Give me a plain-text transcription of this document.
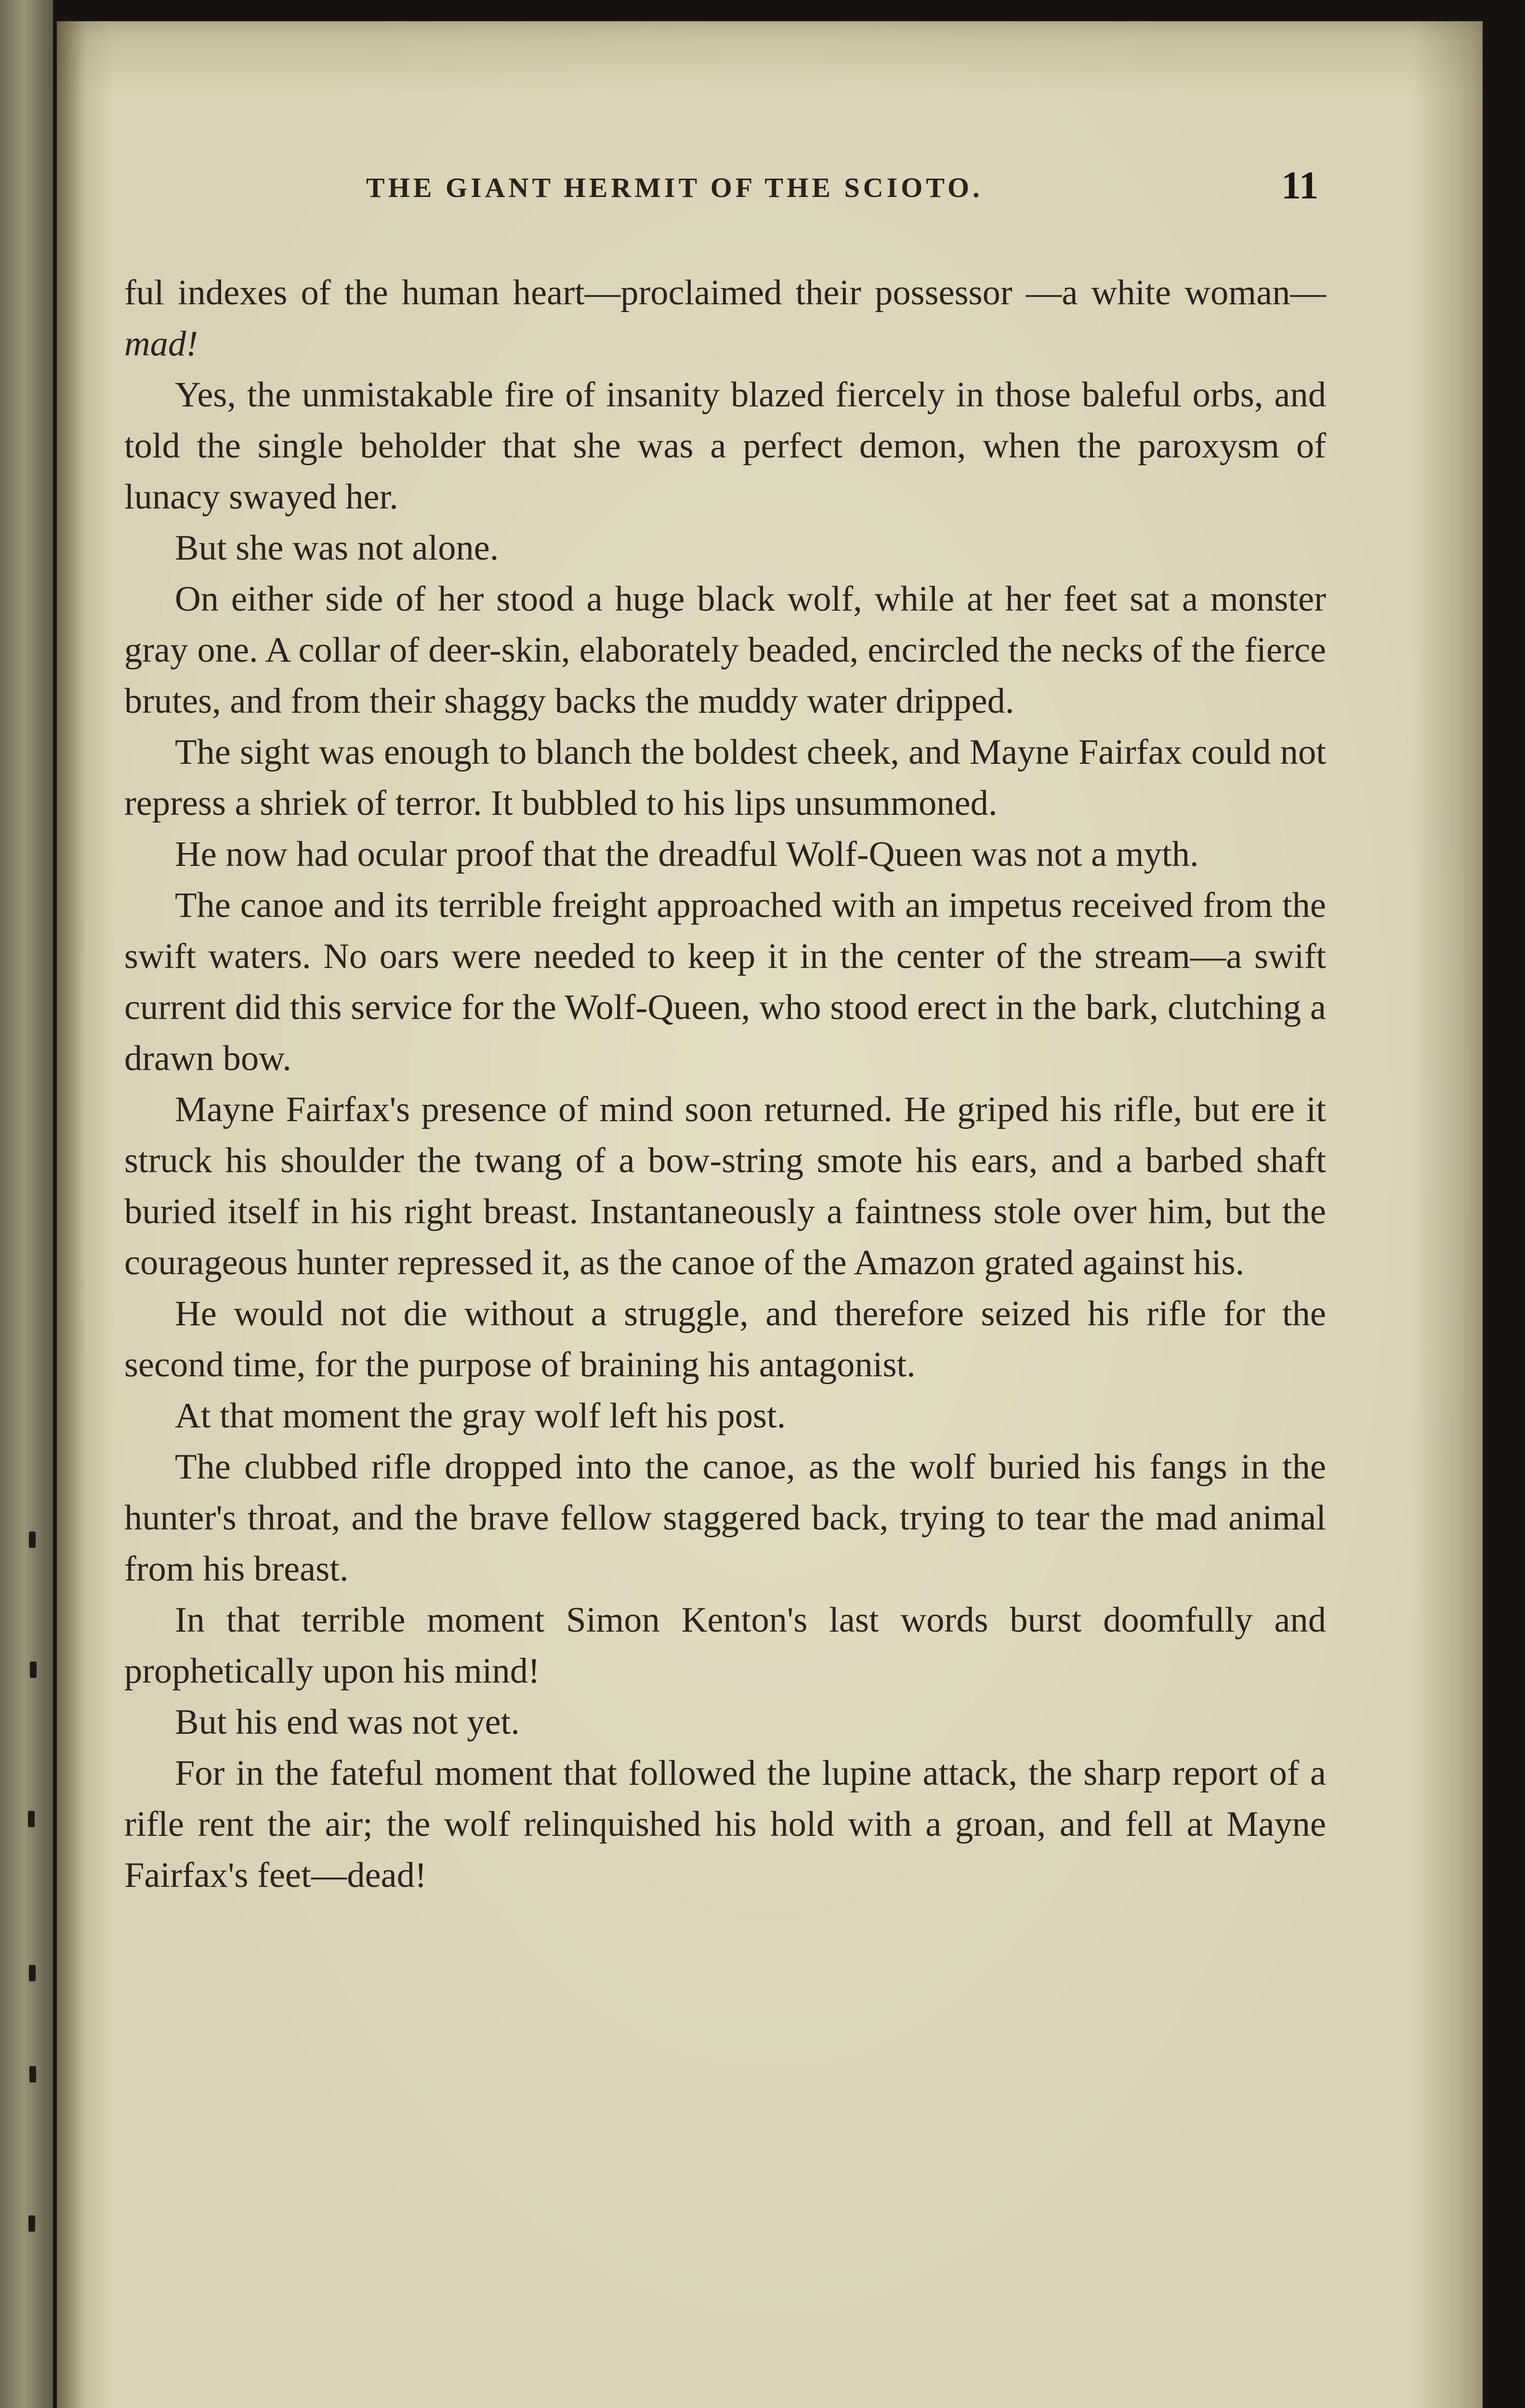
THE GIANT HERMIT OF THE SCIOTO.	11

ful indexes of the human heart—proclaimed their possessor —a white woman—mad!

Yes, the unmistakable fire of insanity blazed fiercely in those baleful orbs, and told the single beholder that she was a perfect demon, when the paroxysm of lunacy swayed her.

But she was not alone.

On either side of her stood a huge black wolf, while at her feet sat a monster gray one. A collar of deer-skin, elaborately beaded, encircled the necks of the fierce brutes, and from their shaggy backs the muddy water dripped.

The sight was enough to blanch the boldest cheek, and Mayne Fairfax could not repress a shriek of terror. It bubbled to his lips unsummoned.

He now had ocular proof that the dreadful Wolf-Queen was not a myth.

The canoe and its terrible freight approached with an impetus received from the swift waters. No oars were needed to keep it in the center of the stream—a swift current did this service for the Wolf-Queen, who stood erect in the bark, clutching a drawn bow.

Mayne Fairfax's presence of mind soon returned. He griped his rifle, but ere it struck his shoulder the twang of a bow-string smote his ears, and a barbed shaft buried itself in his right breast. Instantaneously a faintness stole over him, but the courageous hunter repressed it, as the canoe of the Amazon grated against his.

He would not die without a struggle, and therefore seized his rifle for the second time, for the purpose of braining his antagonist.

At that moment the gray wolf left his post.

The clubbed rifle dropped into the canoe, as the wolf buried his fangs in the hunter's throat, and the brave fellow staggered back, trying to tear the mad animal from his breast.

In that terrible moment Simon Kenton's last words burst doomfully and prophetically upon his mind!

But his end was not yet.

For in the fateful moment that followed the lupine attack, the sharp report of a rifle rent the air; the wolf relinquished his hold with a groan, and fell at Mayne Fairfax's feet—dead!
